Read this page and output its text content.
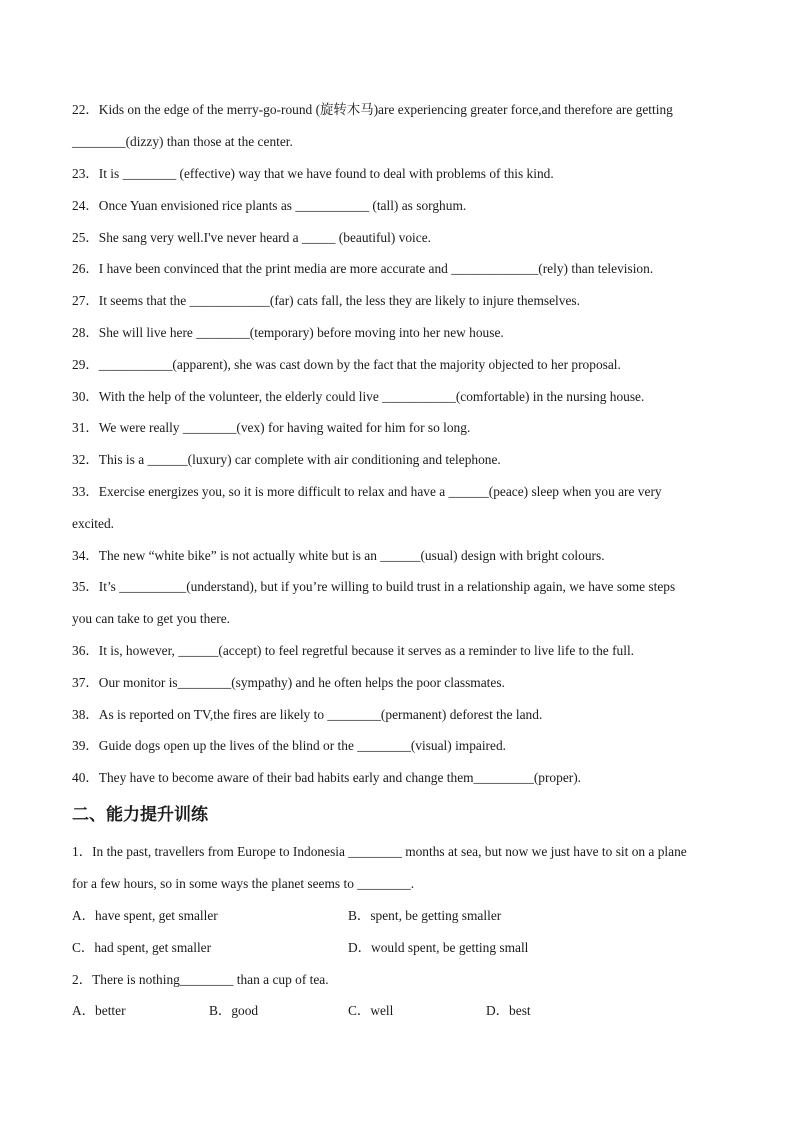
22．Kids on the edge of the merry-go-round (旋转木马)are experiencing greater force,and therefore are getting
________(dizzy) than those at the center.
23．It is ________ (effective) way that we have found to deal with problems of this kind.
24．Once Yuan envisioned rice plants as ___________ (tall) as sorghum.
25．She sang very well.I've never heard a _____ (beautiful) voice.
26．I have been convinced that the print media are more accurate and _____________(rely) than television.
27．It seems that the ____________(far) cats fall, the less they are likely to injure themselves.
28．She will live here ________(temporary) before moving into her new house.
29．___________(apparent), she was cast down by the fact that the majority objected to her proposal.
30．With the help of the volunteer, the elderly could live ___________(comfortable) in the nursing house.
31．We were really ________(vex) for having waited for him for so long.
32．This is a ______(luxury) car complete with air conditioning and telephone.
33．Exercise energizes you, so it is more difficult to relax and have a ______(peace) sleep when you are very
excited.
34．The new “white bike” is not actually white but is an ______(usual) design with bright colours.
35．It’s __________(understand), but if you’re willing to build trust in a relationship again, we have some steps
you can take to get you there.
36．It is, however, ______(accept) to feel regretful because it serves as a reminder to live life to the full.
37．Our monitor is________(sympathy) and he often helps the poor classmates.
38．As is reported on TV,the fires are likely to ________(permanent) deforest the land.
39．Guide dogs open up the lives of the blind or the ________(visual) impaired.
40．They have to become aware of their bad habits early and change them_________(proper).
二、能力提升训练
1．In the past, travellers from Europe to Indonesia ________ months at sea, but now we just have to sit on a plane
for a few hours, so in some ways the planet seems to ________.
A．have spent, get smaller	B．spent, be getting smaller
C．had spent, get smaller	D．would spent, be getting small
2．There is nothing________ than a cup of tea.
A．better	B．good	C．well	D．best
